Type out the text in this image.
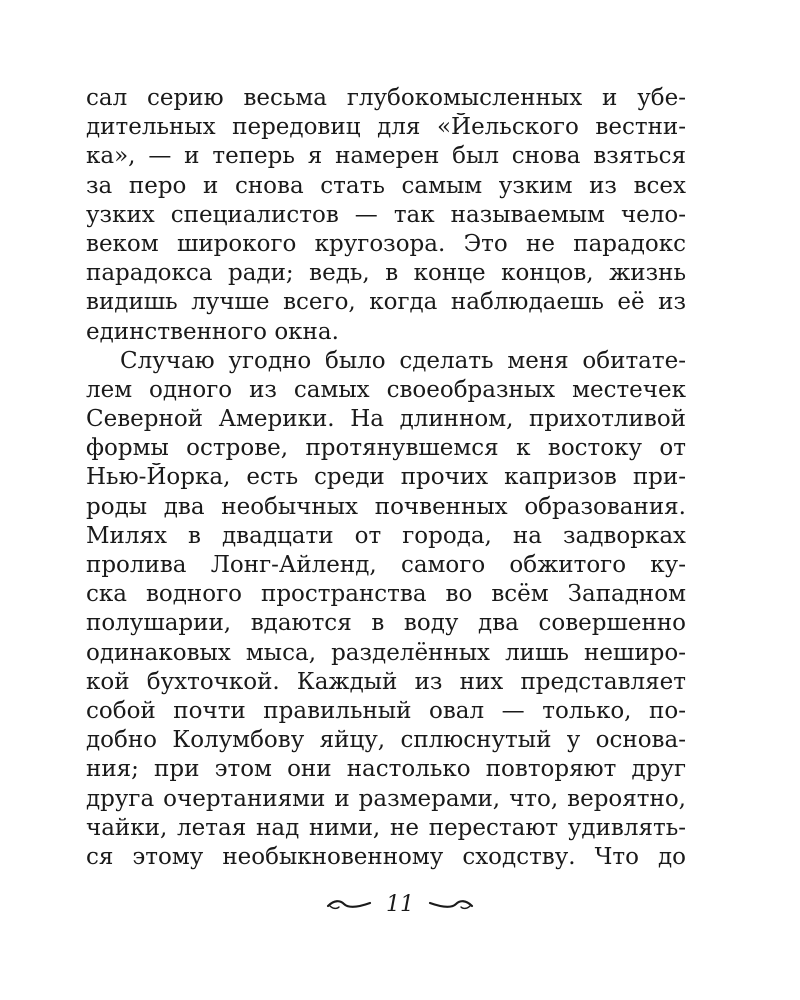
сал серию весьма глубокомысленных и убе-
дительных передовиц для «Йельского вестни-
ка», — и теперь я намерен был снова взяться
за перо и снова стать самым узким из всех
узких специалистов — так называемым чело-
веком широкого кругозора. Это не парадокс
парадокса ради; ведь, в конце концов, жизнь
видишь лучше всего, когда наблюдаешь её из
единственного окна.
Случаю угодно было сделать меня обитате-
лем одного из самых своеобразных местечек
Северной Америки. На длинном, прихотливой
формы острове, протянувшемся к востоку от
Нью-Йорка, есть среди прочих капризов при-
роды два необычных почвенных образования.
Милях в двадцати от города, на задворках
пролива Лонг-Айленд, самого обжитого ку-
ска водного пространства во всём Западном
полушарии, вдаются в воду два совершенно
одинаковых мыса, разделённых лишь неширо-
кой бухточкой. Каждый из них представляет
собой почти правильный овал — только, по-
добно Колумбову яйцу, сплюснутый у основа-
ния; при этом они настолько повторяют друг
друга очертаниями и размерами, что, вероятно,
чайки, летая над ними, не перестают удивлять-
ся этому необыкновенному сходству. Что до
11
